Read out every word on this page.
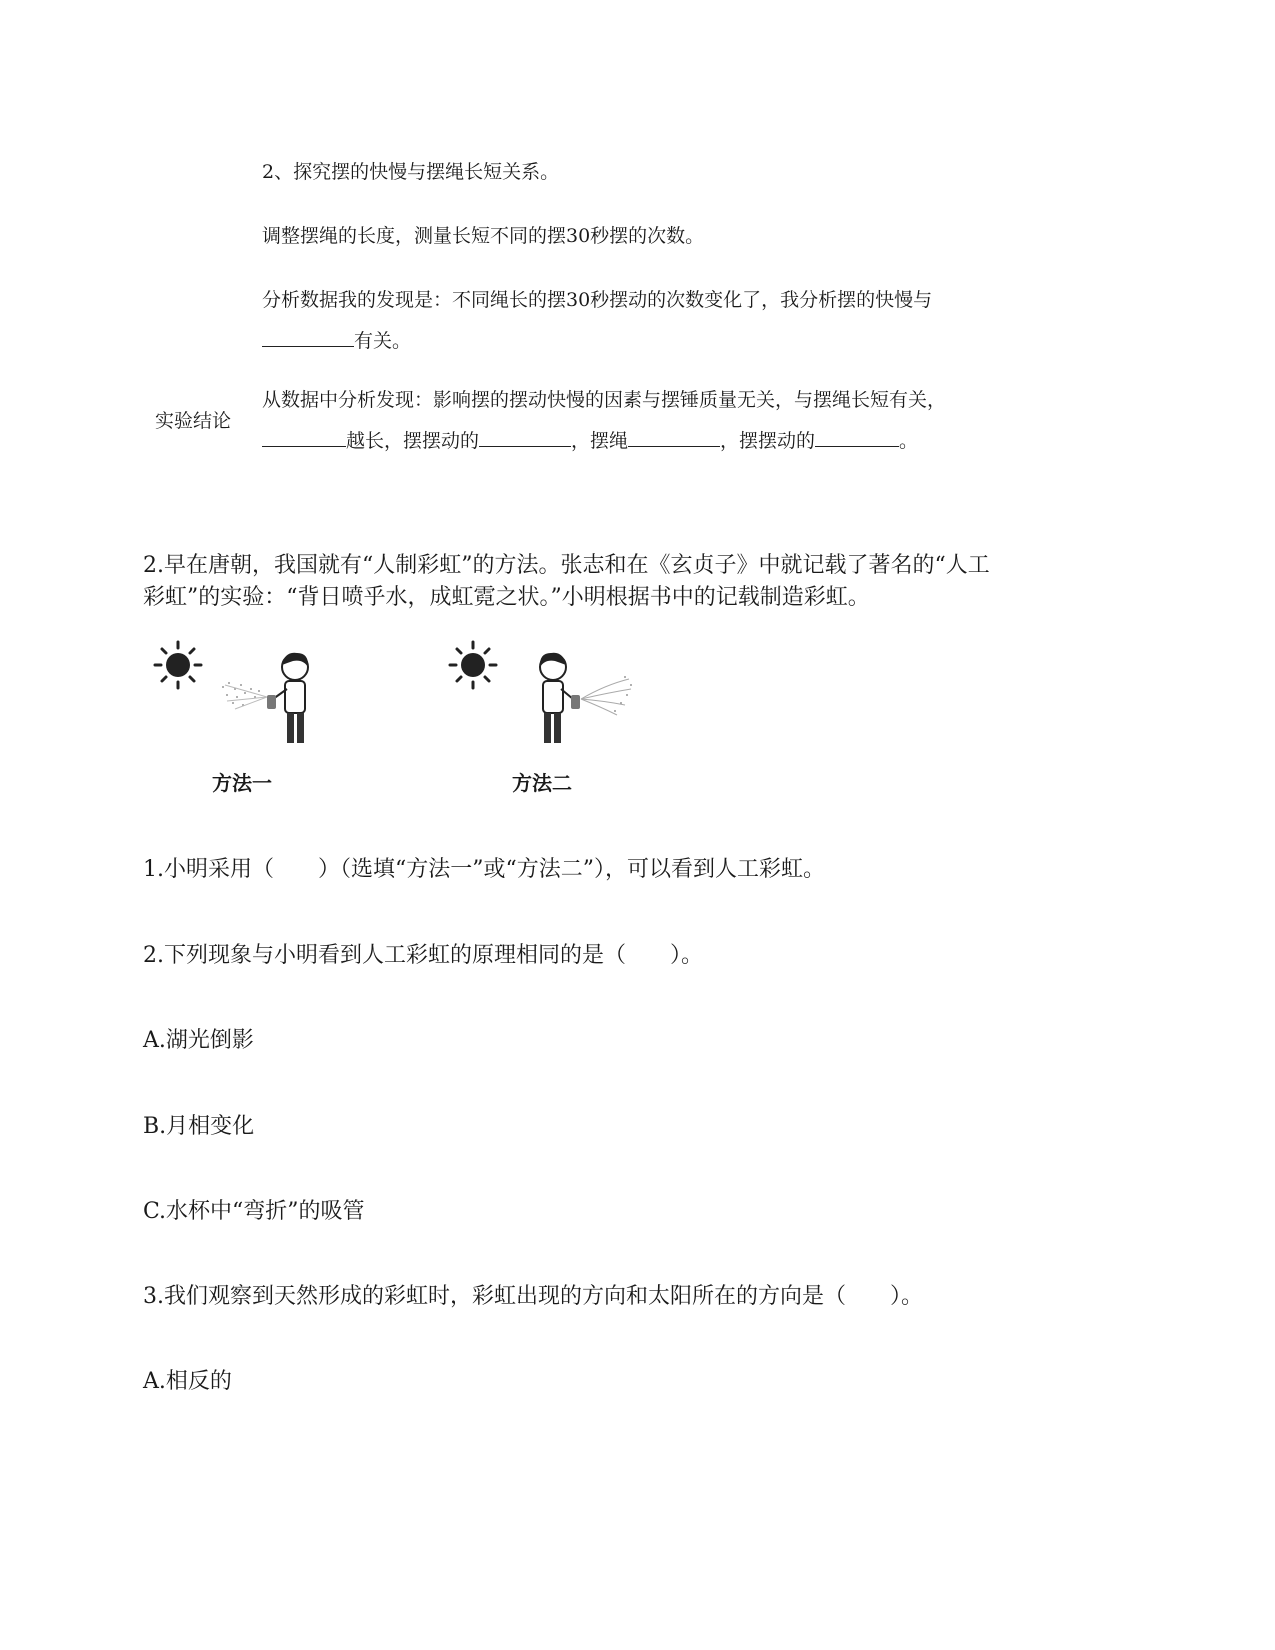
2、探究摆的快慢与摆绳长短关系。
调整摆绳的长度，测量长短不同的摆30秒摆的次数。
分析数据我的发现是：不同绳长的摆30秒摆动的次数变化了，我分析摆的快慢与
有关。
实验结论
从数据中分析发现：影响摆的摆动快慢的因素与摆锤质量无关，与摆绳长短有关，
越长，摆摆动的	，摆绳	，摆摆动的	。
2.早在唐朝，我国就有“人制彩虹”的方法。张志和在《玄贞子》中就记载了著名的“人工
彩虹”的实验：“背日喷乎水，成虹霓之状。”小明根据书中的记载制造彩虹。
方法一	方法二
1.小明采用（　　）（选填“方法一”或“方法二”），可以看到人工彩虹。
2.下列现象与小明看到人工彩虹的原理相同的是（　　）。
A.湖光倒影
B.月相变化
C.水杯中“弯折”的吸管
3.我们观察到天然形成的彩虹时，彩虹出现的方向和太阳所在的方向是（　　）。
A.相反的
